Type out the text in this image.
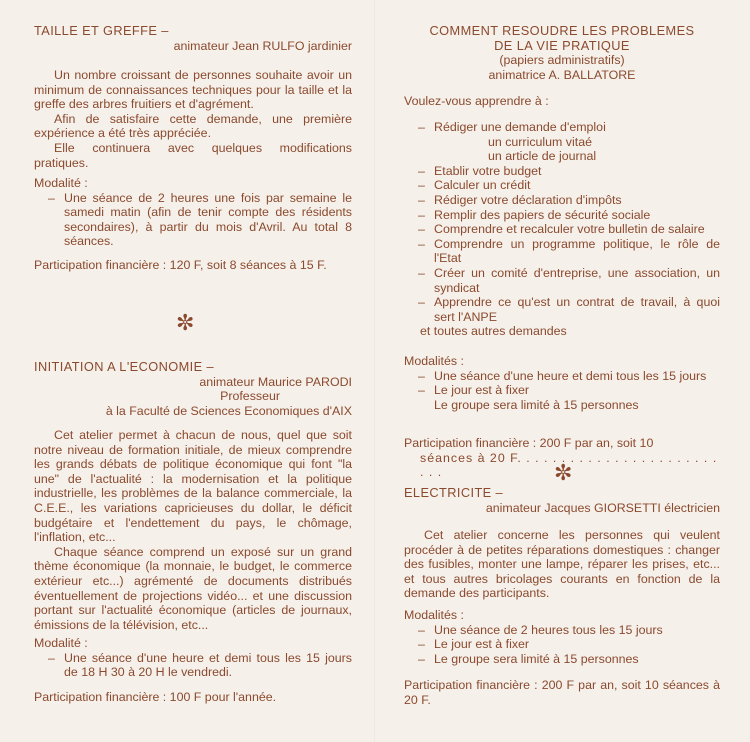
TAILLE ET GREFFE –
animateur Jean RULFO jardinier

Un nombre croissant de personnes souhaite avoir un minimum de connaissances techniques pour la taille et la greffe des arbres fruitiers et d'agrément.

Afin de satisfaire cette demande, une première expérience a été très appréciée.

Elle continuera avec quelques modifications pratiques.

Modalité :

– Une séance de 2 heures une fois par semaine le samedi matin (afin de tenir compte des résidents secondaires), à partir du mois d'Avril. Au total 8 séances.

Participation financière : 120 F, soit 8 séances à 15 F.

✼
INITIATION A L'ECONOMIE –
animateur Maurice PARODI
Professeur
à la Faculté de Sciences Economiques d'AIX

Cet atelier permet à chacun de nous, quel que soit notre niveau de formation initiale, de mieux comprendre les grands débats de politique économique qui font "la une" de l'actualité : la modernisation et la politique industrielle, les problèmes de la balance commerciale, la C.E.E., les variations capricieuses du dollar, le déficit budgétaire et l'endettement du pays, le chômage, l'inflation, etc...

Chaque séance comprend un exposé sur un grand thème économique (la monnaie, le budget, le commerce extérieur etc...) agrémenté de documents distribués éventuellement de projections vidéo... et une discussion portant sur l'actualité économique (articles de journaux, émissions de la télévision, etc...

Modalité :

– Une séance d'une heure et demi tous les 15 jours de 18 H 30 à 20 H le vendredi.

Participation financière : 100 F pour l'année.

COMMENT RESOUDRE LES PROBLEMES
DE LA VIE PRATIQUE
(papiers administratifs)
animatrice A. BALLATORE

Voulez-vous apprendre à :

– Rédiger une demande d'emploi
un curriculum vitaé
un article de journal
– Etablir votre budget
– Calculer un crédit
– Rédiger votre déclaration d'impôts
– Remplir des papiers de sécurité sociale
– Comprendre et recalculer votre bulletin de salaire
– Comprendre un programme politique, le rôle de l'Etat
– Créer un comité d'entreprise, une association, un syndicat
– Apprendre ce qu'est un contrat de travail, à quoi sert l'ANPE
et toutes autres demandes

Modalités :

– Une séance d'une heure et demi tous les 15 jours
– Le jour est à fixer
Le groupe sera limité à 15 personnes
Participation financière : 200 F par an, soit 10
séances à 20 F. . . . . . . . . . . . . . . . . . . . . . . . . .	✼
ELECTRICITE –
animateur Jacques GIORSETTI électricien

Cet atelier concerne les personnes qui veulent procéder à de petites réparations domestiques : changer des fusibles, monter une lampe, réparer les prises, etc... et tous autres bricolages courants en fonction de la demande des participants.

Modalités :

– Une séance de 2 heures tous les 15 jours
– Le jour est à fixer
– Le groupe sera limité à 15 personnes

Participation financière : 200 F par an, soit 10 séances à 20 F.
